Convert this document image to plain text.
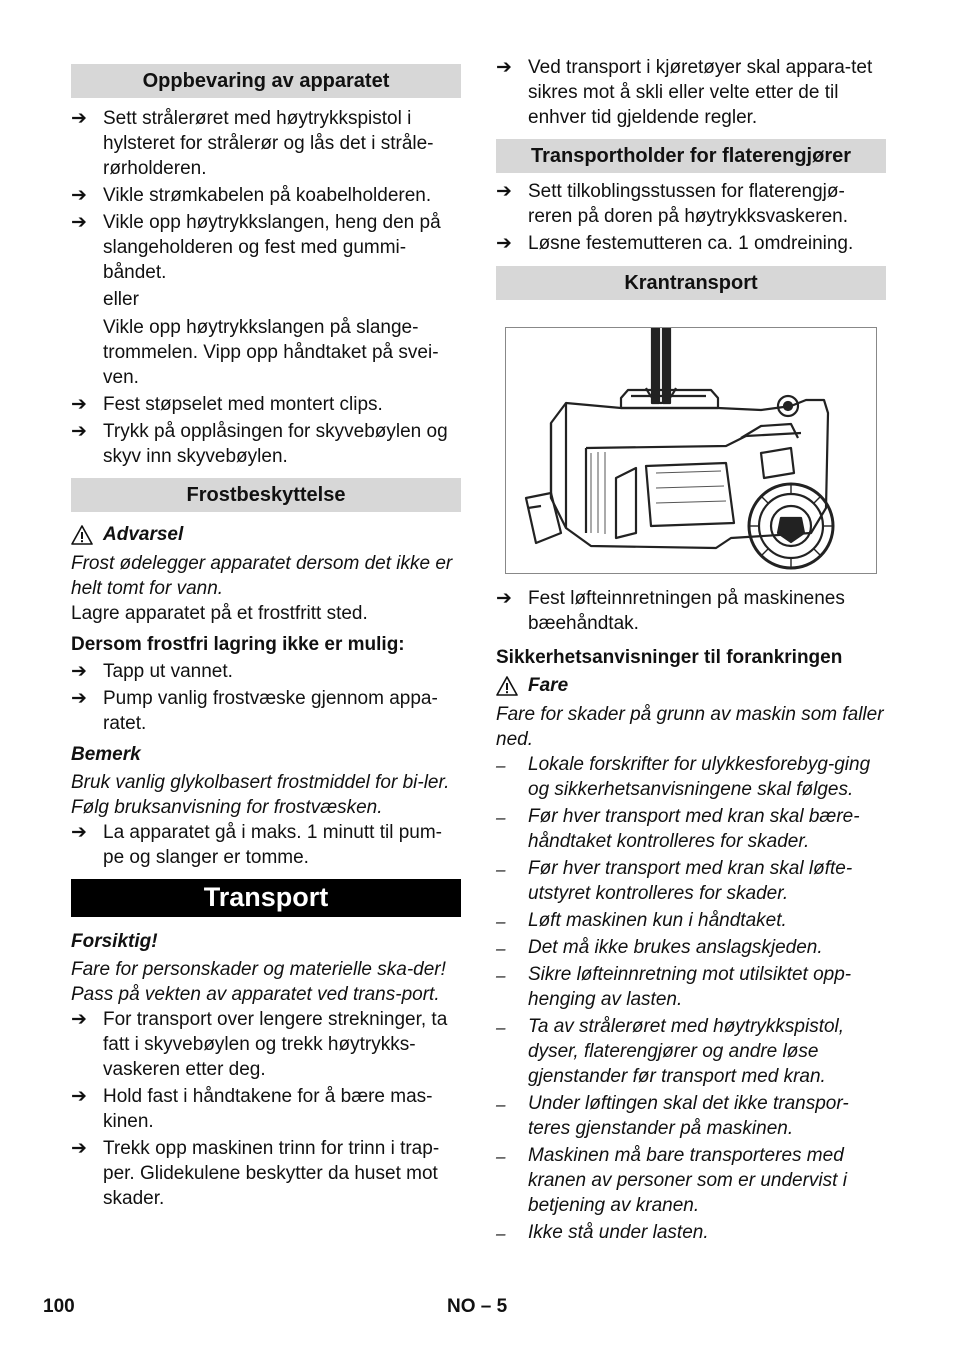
Oppbevaring av apparatet
➔ Sett strålerøret med høytrykkspistol i hylsteret for strålerør og lås det i stråle-rørholderen.
➔ Vikle strømkabelen på koabelholderen.
➔ Vikle opp høytrykkslangen, heng den på slangeholderen og fest med gummi-båndet.

eller

Vikle opp høytrykkslangen på slange-trommelen. Vipp opp håndtaket på svei-ven.

➔ Fest støpselet med montert clips.
➔ Trykk på opplåsingen for skyvebøylen og skyv inn skyvebøylen.
Frostbeskyttelse

Advarsel

Frost ødelegger apparatet dersom det ikke er helt tomt for vann.

Lagre apparatet på et frostfritt sted.

Dersom frostfri lagring ikke er mulig:

➔ Tapp ut vannet.
➔ Pump vanlig frostvæske gjennom appa-ratet.

Bemerk

Bruk vanlig glykolbasert frostmiddel for bi-ler.

Følg bruksanvisning for frostvæsken.

➔ La apparatet gå i maks. 1 minutt til pum-pe og slanger er tomme.
Transport

Forsiktig!

Fare for personskader og materielle ska-der! Pass på vekten av apparatet ved trans-port.

➔ For transport over lengere strekninger, ta fatt i skyvebøylen og trekk høytrykks-vaskeren etter deg.
➔ Hold fast i håndtakene for å bære mas-kinen.
➔ Trekk opp maskinen trinn for trinn i trap-per. Glidekulene beskytter da huset mot skader.
➔ Ved transport i kjøretøyer skal appara-tet sikres mot å skli eller velte etter de til enhver tid gjeldende regler.
Transportholder for flaterengjører
➔ Sett tilkoblingsstussen for flaterengjø-reren på doren på høytrykksvaskeren.
➔ Løsne festemutteren ca. 1 omdreining.
Krantransport
➔ Fest løfteinnretningen på maskinenes bæehåndtak.

Sikkerhetsanvisninger til forankringen

Fare

Fare for skader på grunn av maskin som faller ned.

–	Lokale forskrifter for ulykkesforebyg-ging og sikkerhetsanvisningene skal følges.
–	Før hver transport med kran skal bære-håndtaket kontrolleres for skader.
–	Før hver transport med kran skal løfte-utstyret kontrolleres for skader.
–	Løft maskinen kun i håndtaket.
–	Det må ikke brukes anslagskjeden.
–	Sikre løfteinnretning mot utilsiktet opp-henging av lasten.
–	Ta av strålerøret med høytrykkspistol, dyser, flaterengjører og andre løse gjenstander før transport med kran.
–	Under løftingen skal det ikke transpor-teres gjenstander på maskinen.
–	Maskinen må bare transporteres med kranen av personer som er undervist i betjening av kranen.
–	Ikke stå under lasten.
100	NO – 5
